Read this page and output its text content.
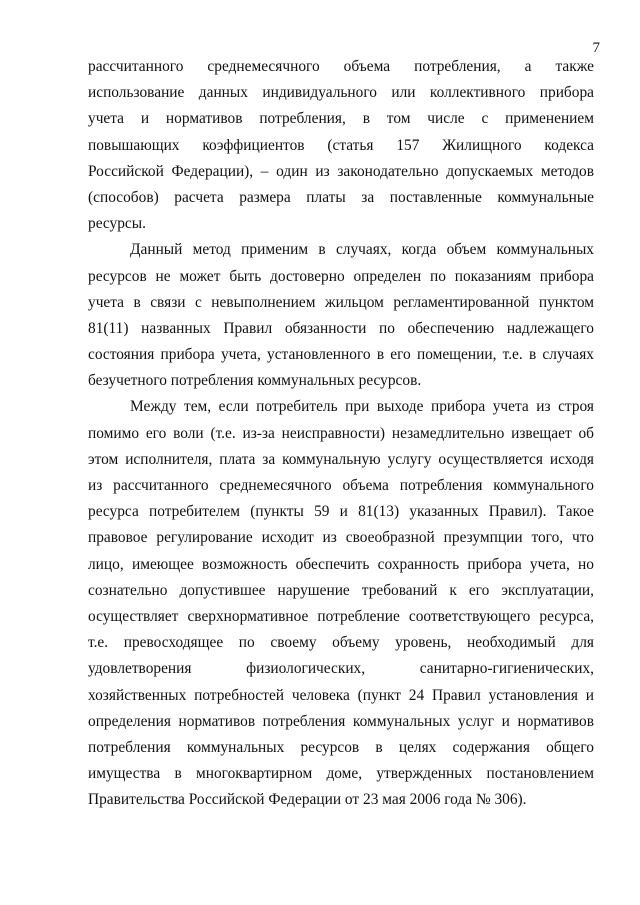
7
рассчитанного среднемесячного объема потребления, а также
использование данных индивидуального или коллективного прибора
учета и нормативов потребления, в том числе с применением
повышающих коэффициентов (статья 157 Жилищного кодекса
Российской Федерации), – один из законодательно допускаемых методов
(способов) расчета размера платы за поставленные коммунальные
ресурсы.
Данный метод применим в случаях, когда объем коммунальных
ресурсов не может быть достоверно определен по показаниям прибора
учета в связи с невыполнением жильцом регламентированной пунктом
81(11) названных Правил обязанности по обеспечению надлежащего
состояния прибора учета, установленного в его помещении, т.е. в случаях
безучетного потребления коммунальных ресурсов.
Между тем, если потребитель при выходе прибора учета из строя
помимо его воли (т.е. из-за неисправности) незамедлительно извещает об
этом исполнителя, плата за коммунальную услугу осуществляется исходя
из рассчитанного среднемесячного объема потребления коммунального
ресурса потребителем (пункты 59 и 81(13) указанных Правил). Такое
правовое регулирование исходит из своеобразной презумпции того, что
лицо, имеющее возможность обеспечить сохранность прибора учета, но
сознательно допустившее нарушение требований к его эксплуатации,
осуществляет сверхнормативное потребление соответствующего ресурса,
т.е. превосходящее по своему объему уровень, необходимый для
удовлетворения физиологических, санитарно-гигиенических,
хозяйственных потребностей человека (пункт 24 Правил установления и
определения нормативов потребления коммунальных услуг и нормативов
потребления коммунальных ресурсов в целях содержания общего
имущества в многоквартирном доме, утвержденных постановлением
Правительства Российской Федерации от 23 мая 2006 года № 306).
